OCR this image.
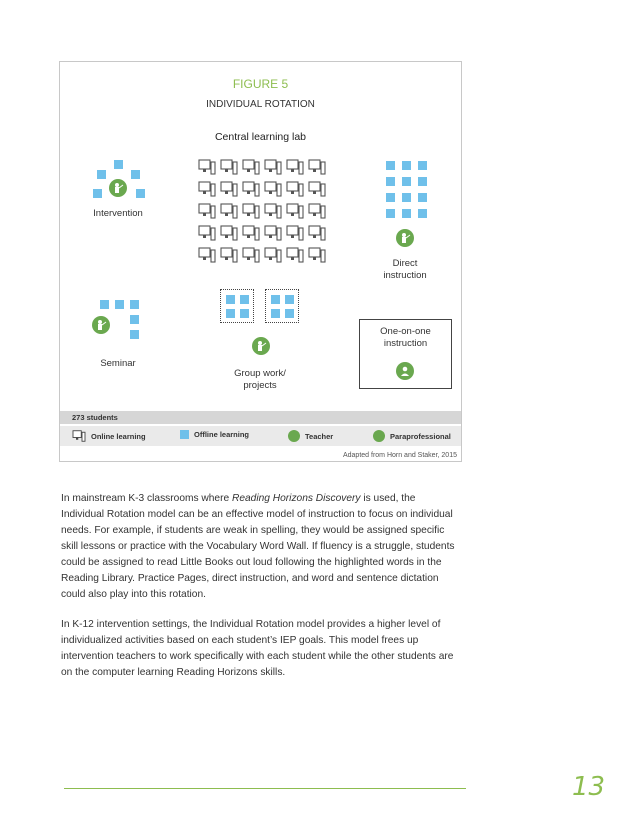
FIGURE 5
INDIVIDUAL ROTATION
Central learning lab
Intervention
Direct
instruction
Seminar
Group work/
projects
One-on-one
instruction
273 students
Online learning	Offline learning	Teacher	Paraprofessional
Adapted from Horn and Staker, 2015

In mainstream K-3 classrooms where Reading Horizons Discovery is used, the Individual Rotation model can be an effective model of instruction to focus on individual needs. For example, if students are weak in spelling, they would be assigned specific skill lessons or practice with the Vocabulary Word Wall. If fluency is a struggle, students could be assigned to read Little Books out loud following the highlighted words in the Reading Library. Practice Pages, direct instruction, and word and sentence dictation could also play into this rotation.

In K-12 intervention settings, the Individual Rotation model provides a higher level of individualized activities based on each student’s IEP goals. This model frees up intervention teachers to work specifically with each student while the other students are on the computer learning Reading Horizons skills.

13
